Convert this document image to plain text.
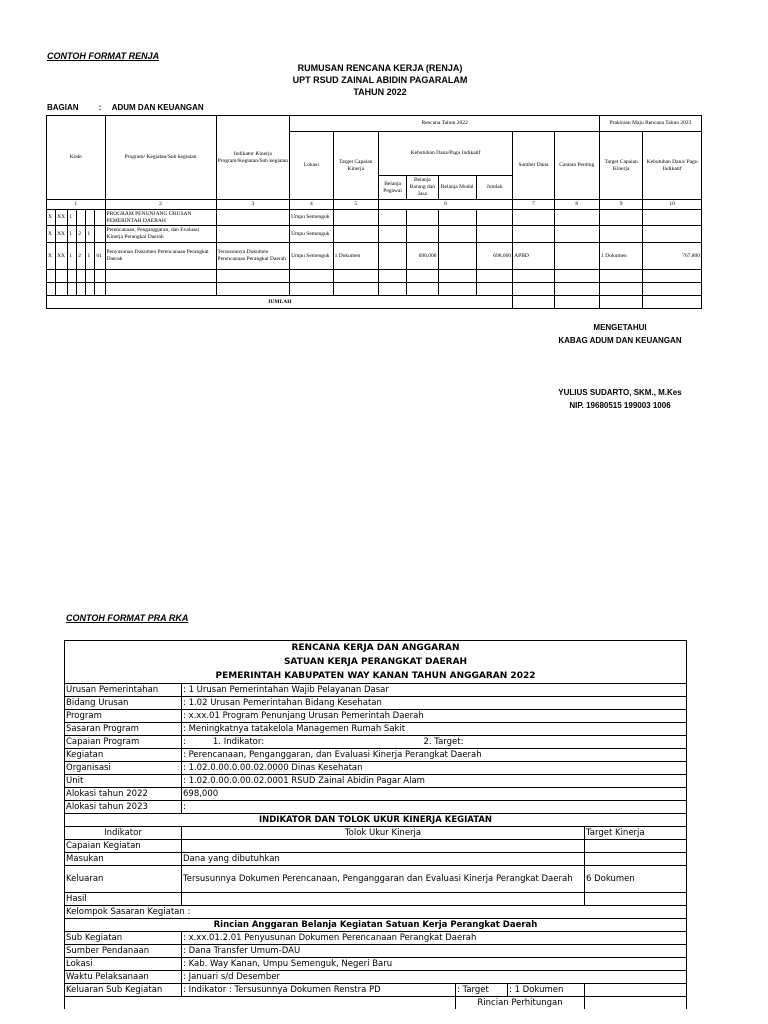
CONTOH FORMAT RENJA
RUMUSAN RENCANA KERJA (RENJA)
UPT RSUD ZAINAL ABIDIN PAGARALAM
TAHUN 2022
BAGIAN	: ADUM DAN KEUANGAN
Kode						Program/ Kegiatan/Sub kegiatan	Indikator Kinerja Program/Kegiatan/Sub kegiatan	Rencana Tahun 2022								Prakiraan Maju Rencana Tahun 2023	
								Lokasi	Target Capaian Kinerja	Kebutuhan Dana/Pagu Indikatif				Sumber Dana	Catatan Penting	Target Capaian Kinerja	Kebutuhan Dana/ Pagu Indikatif
										Belanja Pegawai	Belanja Barang dan Jasa	Belanja Modal	Jumlah				
1						2	3	4	5	6				7	8	9	10
X	XX	1				PROGRAM PENUNJANG URUSAN PEMERINTAH DAERAH		Umpu Semenguk									
X	XX	1	2	1		Perencanaan, Penganggaran, dan Evaluasi Kinerja Perangkat Daerah		Umpu Semenguk									
X	XX	1	2	1	01	Penyusunan Dokumen Perencanaan Perangkat Daerah	Tersusunnya Dokumen Perencanaan Perangkat Daerah	Umpu Semenguk	1 Dokumen		698,000		698,000	APBD		1 Dokumen	767,800

JUMLAH																	
MENGETAHUI
KABAG ADUM DAN KEUANGAN
YULIUS SUDARTO, SKM., M.Kes
NIP. 19680515 199003 1006
CONTOH FORMAT PRA RKA
RENCANA KERJA DAN ANGGARAN				
SATUAN KERJA PERANGKAT DAERAH				
PEMERINTAH KABUPATEN WAY KANAN TAHUN ANGGARAN 2022				
Urusan Pemerintahan	: 1 Urusan Pemerintahan Wajib Pelayanan Dasar			
Bidang Urusan	: 1.02 Urusan Pemerintahan Bidang Kesehatan			
Program	: x.xx.01 Program Penunjang Urusan Pemerintah Daerah			
Sasaran Program	: Meningkatnya tatakelola Managemen Rumah Sakit			
Capaian Program	:          1. Indikator:                                                           2. Target:			
Kegiatan	: Perencanaan, Penganggaran, dan Evaluasi Kinerja Perangkat Daerah			
Organisasi	: 1.02.0.00.0.00.02.0000 Dinas Kesehatan			
Unit	: 1.02.0.00.0.00.02.0001 RSUD Zainal Abidin Pagar Alam			
Alokasi tahun 2022	698,000			
Alokasi tahun 2023	:			
INDIKATOR DAN TOLOK UKUR KINERJA KEGIATAN				
Indikator	Tolok Ukur Kinerja			Target Kinerja
Capaian Kegiatan				
Masukan	Dana yang dibutuhkan			
Keluaran	Tersusunnya Dokumen Perencanaan, Penganggaran dan Evaluasi Kinerja Perangkat Daerah			6 Dokumen
Hasil				
Kelompok Sasaran Kegiatan :				
Rincian Anggaran Belanja Kegiatan Satuan Kerja Perangkat Daerah				
Sub Kegiatan	: x.xx.01.2.01 Penyusunan Dokumen Perencanaan Perangkat Daerah			
Sumber Pendanaan	: Dana Transfer Umum-DAU			
Lokasi	: Kab. Way Kanan, Umpu Semenguk, Negeri Baru			
Waktu Pelaksanaan	: Januari s/d Desember			
Keluaran Sub Kegiatan	: Indikator : Tersusunnya Dokumen Renstra PD	: Target	: 1 Dokumen	
		Rincian Perhitungan		
